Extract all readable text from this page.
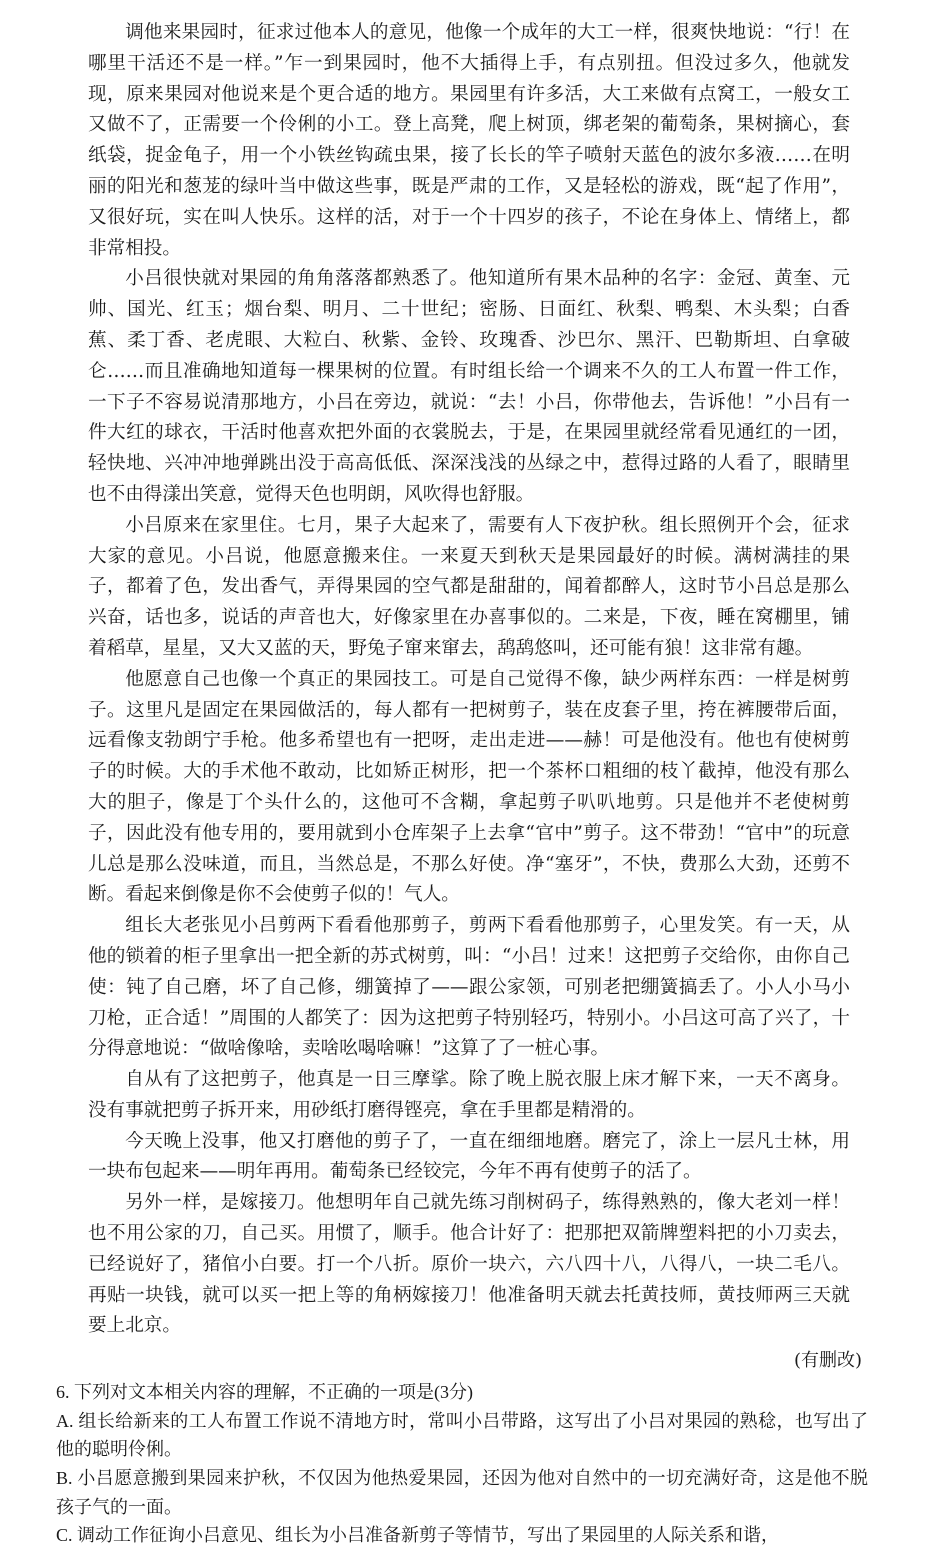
调他来果园时，征求过他本人的意见，他像一个成年的大工一样，很爽快地说：“行！在哪里干活还不是一样。”乍一到果园时，他不大插得上手，有点别扭。但没过多久，他就发现，原来果园对他说来是个更合适的地方。果园里有许多活，大工来做有点窝工，一般女工又做不了，正需要一个伶俐的小工。登上高凳，爬上树顶，绑老架的葡萄条，果树摘心，套纸袋，捉金龟子，用一个小铁丝钩疏虫果，接了长长的竿子喷射天蓝色的波尔多液……在明丽的阳光和葱茏的绿叶当中做这些事，既是严肃的工作，又是轻松的游戏，既“起了作用”，又很好玩，实在叫人快乐。这样的活，对于一个十四岁的孩子，不论在身体上、情绪上，都非常相投。

小吕很快就对果园的角角落落都熟悉了。他知道所有果木品种的名字：金冠、黄奎、元帅、国光、红玉；烟台梨、明月、二十世纪；密肠、日面红、秋梨、鸭梨、木头梨；白香蕉、柔丁香、老虎眼、大粒白、秋紫、金铃、玫瑰香、沙巴尔、黑汗、巴勒斯坦、白拿破仑……而且准确地知道每一棵果树的位置。有时组长给一个调来不久的工人布置一件工作，一下子不容易说清那地方，小吕在旁边，就说：“去！小吕，你带他去，告诉他！”小吕有一件大红的球衣，干活时他喜欢把外面的衣裳脱去，于是，在果园里就经常看见通红的一团，轻快地、兴冲冲地弹跳出没于高高低低、深深浅浅的丛绿之中，惹得过路的人看了，眼睛里也不由得漾出笑意，觉得天色也明朗，风吹得也舒服。

小吕原来在家里住。七月，果子大起来了，需要有人下夜护秋。组长照例开个会，征求大家的意见。小吕说，他愿意搬来住。一来夏天到秋天是果园最好的时候。满树满挂的果子，都着了色，发出香气，弄得果园的空气都是甜甜的，闻着都醉人，这时节小吕总是那么兴奋，话也多，说话的声音也大，好像家里在办喜事似的。二来是，下夜，睡在窝棚里，铺着稻草，星星，又大又蓝的天，野兔子窜来窜去，鸹鸹悠叫，还可能有狼！这非常有趣。

他愿意自己也像一个真正的果园技工。可是自己觉得不像，缺少两样东西：一样是树剪子。这里凡是固定在果园做活的，每人都有一把树剪子，装在皮套子里，挎在裤腰带后面，远看像支勃朗宁手枪。他多希望也有一把呀，走出走进——赫！可是他没有。他也有使树剪子的时候。大的手术他不敢动，比如矫正树形，把一个茶杯口粗细的枝丫截掉，他没有那么大的胆子，像是丁个头什么的，这他可不含糊，拿起剪子叭叭地剪。只是他并不老使树剪子，因此没有他专用的，要用就到小仓库架子上去拿“官中”剪子。这不带劲！“官中”的玩意儿总是那么没味道，而且，当然总是，不那么好使。净“塞牙”，不快，费那么大劲，还剪不断。看起来倒像是你不会使剪子似的！气人。

组长大老张见小吕剪两下看看他那剪子，剪两下看看他那剪子，心里发笑。有一天，从他的锁着的柜子里拿出一把全新的苏式树剪，叫：“小吕！过来！这把剪子交给你，由你自己使：钝了自己磨，坏了自己修，绷簧掉了——跟公家领，可别老把绷簧搞丢了。小人小马小刀枪，正合适！”周围的人都笑了：因为这把剪子特别轻巧，特别小。小吕这可高了兴了，十分得意地说：“做啥像啥，卖啥吆喝啥嘛！”这算了了一桩心事。

自从有了这把剪子，他真是一日三摩挲。除了晚上脱衣服上床才解下来，一天不离身。没有事就把剪子拆开来，用砂纸打磨得铿亮，拿在手里都是精滑的。

今天晚上没事，他又打磨他的剪子了，一直在细细地磨。磨完了，涂上一层凡士林，用一块布包起来——明年再用。葡萄条已经铰完，今年不再有使剪子的活了。

另外一样，是嫁接刀。他想明年自己就先练习削树码子，练得熟熟的，像大老刘一样！也不用公家的刀，自己买。用惯了，顺手。他合计好了：把那把双箭牌塑料把的小刀卖去，已经说好了，猪倌小白要。打一个八折。原价一块六，六八四十八，八得八，一块二毛八。再贴一块钱，就可以买一把上等的角柄嫁接刀！他准备明天就去托黄技师，黄技师两三天就要上北京。

(有删改)
6. 下列对文本相关内容的理解，不正确的一项是(3分)
A. 组长给新来的工人布置工作说不清地方时，常叫小吕带路，这写出了小吕对果园的熟稔，也写出了他的聪明伶俐。
B. 小吕愿意搬到果园来护秋，不仅因为他热爱果园，还因为他对自然中的一切充满好奇，这是他不脱孩子气的一面。
C. 调动工作征询小吕意见、组长为小吕准备新剪子等情节，写出了果园里的人际关系和谐，
